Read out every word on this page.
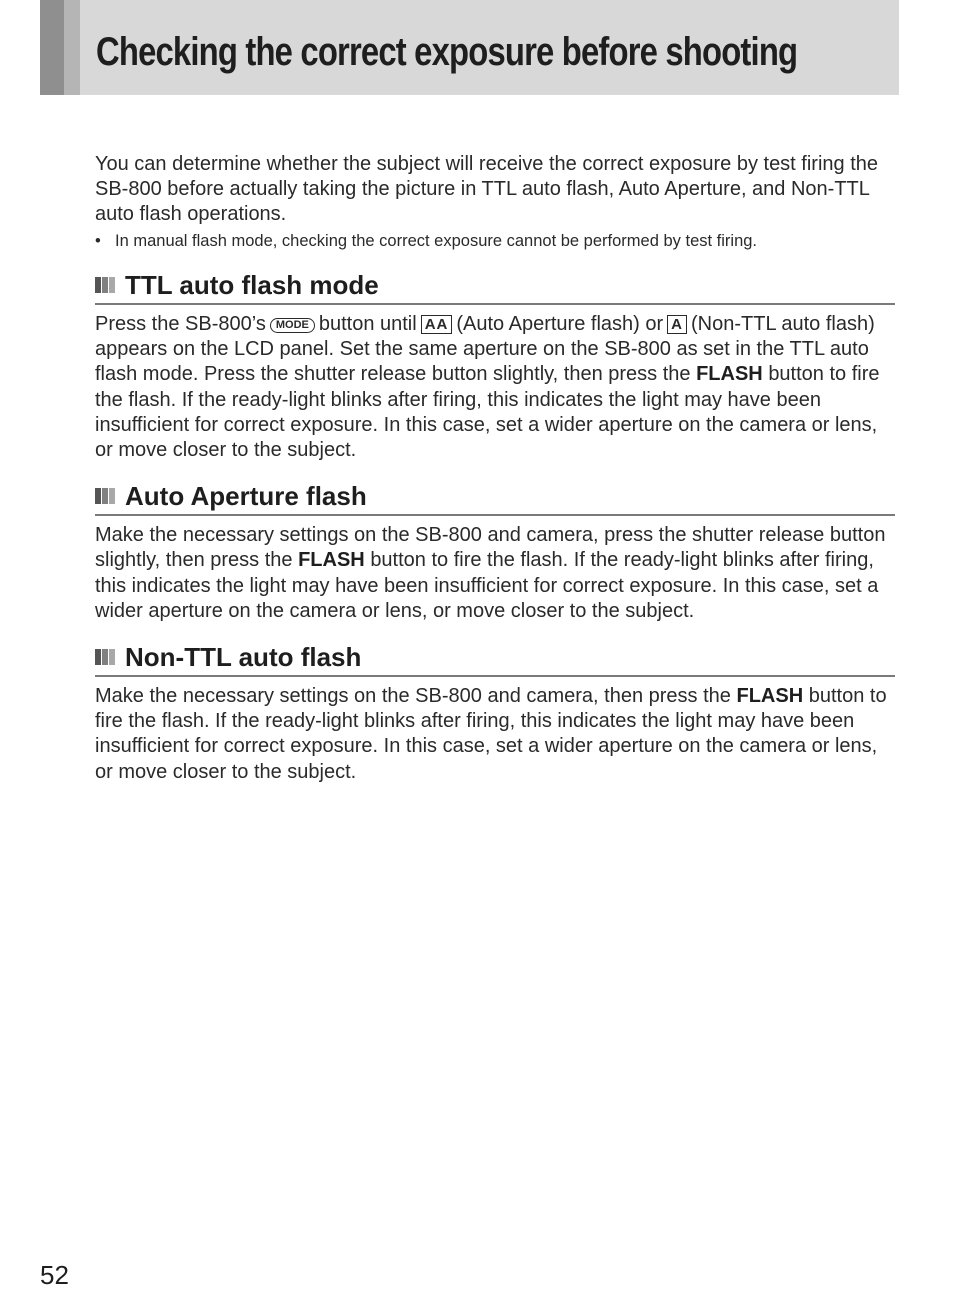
Checking the correct exposure before shooting

You can determine whether the subject will receive the correct exposure by test firing the SB-800 before actually taking the picture in TTL auto flash, Auto Aperture, and Non-TTL auto flash operations.

• In manual flash mode, checking the correct exposure cannot be performed by test firing.

TTL auto flash mode

Press the SB-800’s MODE button until AA (Auto Aperture flash) or A (Non-TTL auto flash) appears on the LCD panel. Set the same aperture on the SB-800 as set in the TTL auto flash mode. Press the shutter release button slightly, then press the FLASH button to fire the flash. If the ready-light blinks after firing, this indicates the light may have been insufficient for correct exposure. In this case, set a wider aperture on the camera or lens, or move closer to the subject.

Auto Aperture flash

Make the necessary settings on the SB-800 and camera, press the shutter release button slightly, then press the FLASH button to fire the flash. If the ready-light blinks after firing, this indicates the light may have been insufficient for correct exposure. In this case, set a wider aperture on the camera or lens, or move closer to the subject.

Non-TTL auto flash

Make the necessary settings on the SB-800 and camera, then press the FLASH button to fire the flash. If the ready-light blinks after firing, this indicates the light may have been insufficient for correct exposure. In this case, set a wider aperture on the camera or lens, or move closer to the subject.

52
